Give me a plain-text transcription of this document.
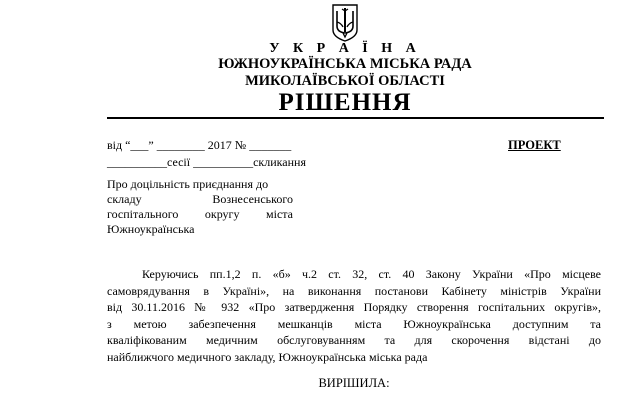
У К Р А Ї Н А
ЮЖНОУКРАЇНСЬКА МІСЬКА РАДА
МИКОЛАЇВСЬКОЇ ОБЛАСТІ
РІШЕННЯ
від “___” ________ 2017 № _______
__________сесії __________скликання
ПРОЕКТ
Про доцільність приєднання до
складу Вознесенського
госпітального округу міста
Южноукраїнська
Керуючись пп.1,2 п. «б» ч.2 ст. 32, ст. 40 Закону України «Про місцеве
самоврядування в Україні», на виконання постанови Кабінету міністрів України
від 30.11.2016 № 932 «Про затвердження Порядку створення госпітальних округів»,
з метою забезпечення мешканців міста Южноукраїнська доступним та
кваліфікованим медичним обслуговуванням та для скорочення відстані до
найближчого медичного закладу, Южноукраїнська міська рада
ВИРІШИЛА:
